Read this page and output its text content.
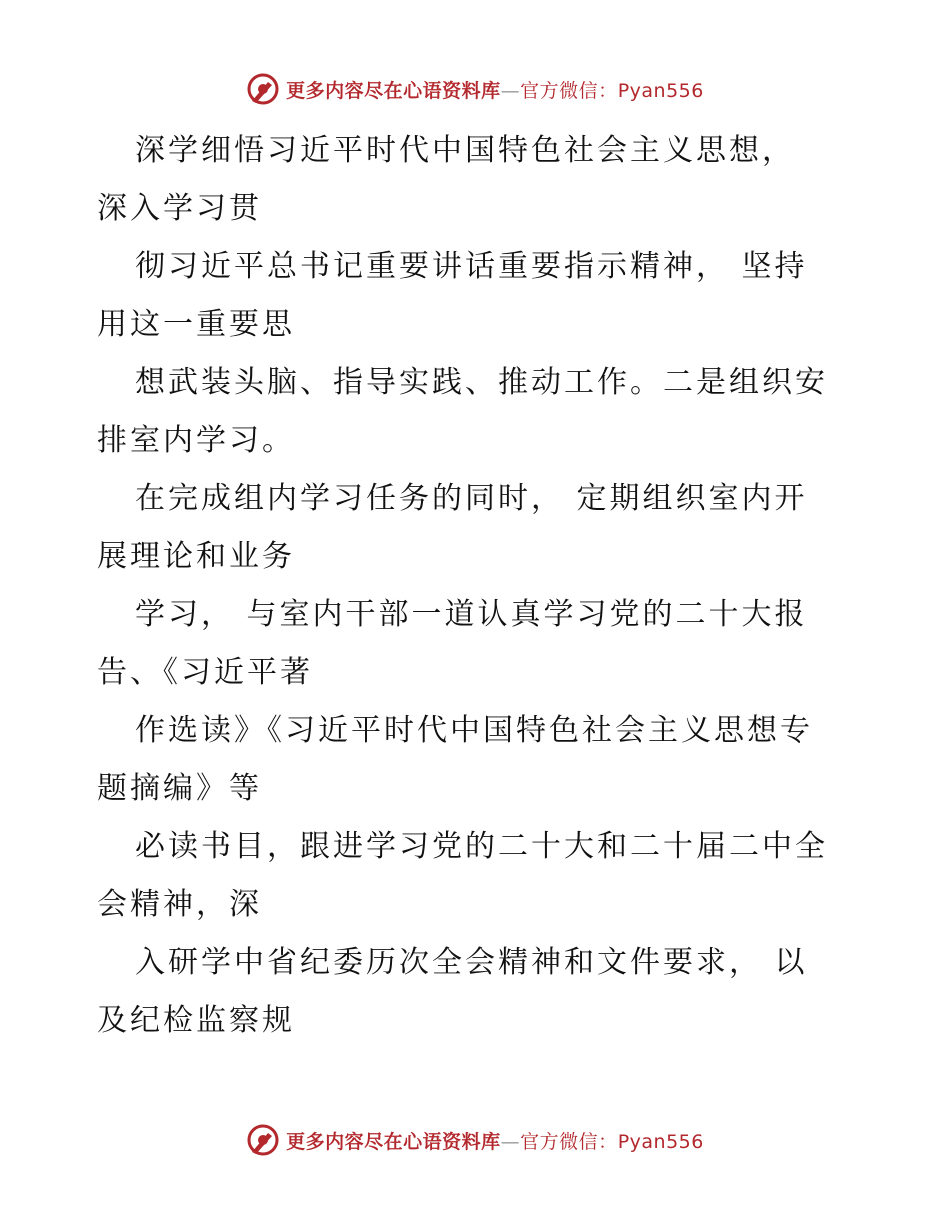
更多内容尽在心语资料库—官方微信：Pyan556

深学细悟习近平时代中国特色社会主义思想，
深入学习贯

彻习近平总书记重要讲话重要指示精神， 坚持
用这一重要思

想武装头脑、指导实践、推动工作。二是组织安
排室内学习。

在完成组内学习任务的同时， 定期组织室内开
展理论和业务

学习， 与室内干部一道认真学习党的二十大报
告、《习近平著

作选读》《习近平时代中国特色社会主义思想专
题摘编》等

必读书目，跟进学习党的二十大和二十届二中全
会精神，深

入研学中省纪委历次全会精神和文件要求， 以
及纪检监察规

更多内容尽在心语资料库—官方微信：Pyan556
